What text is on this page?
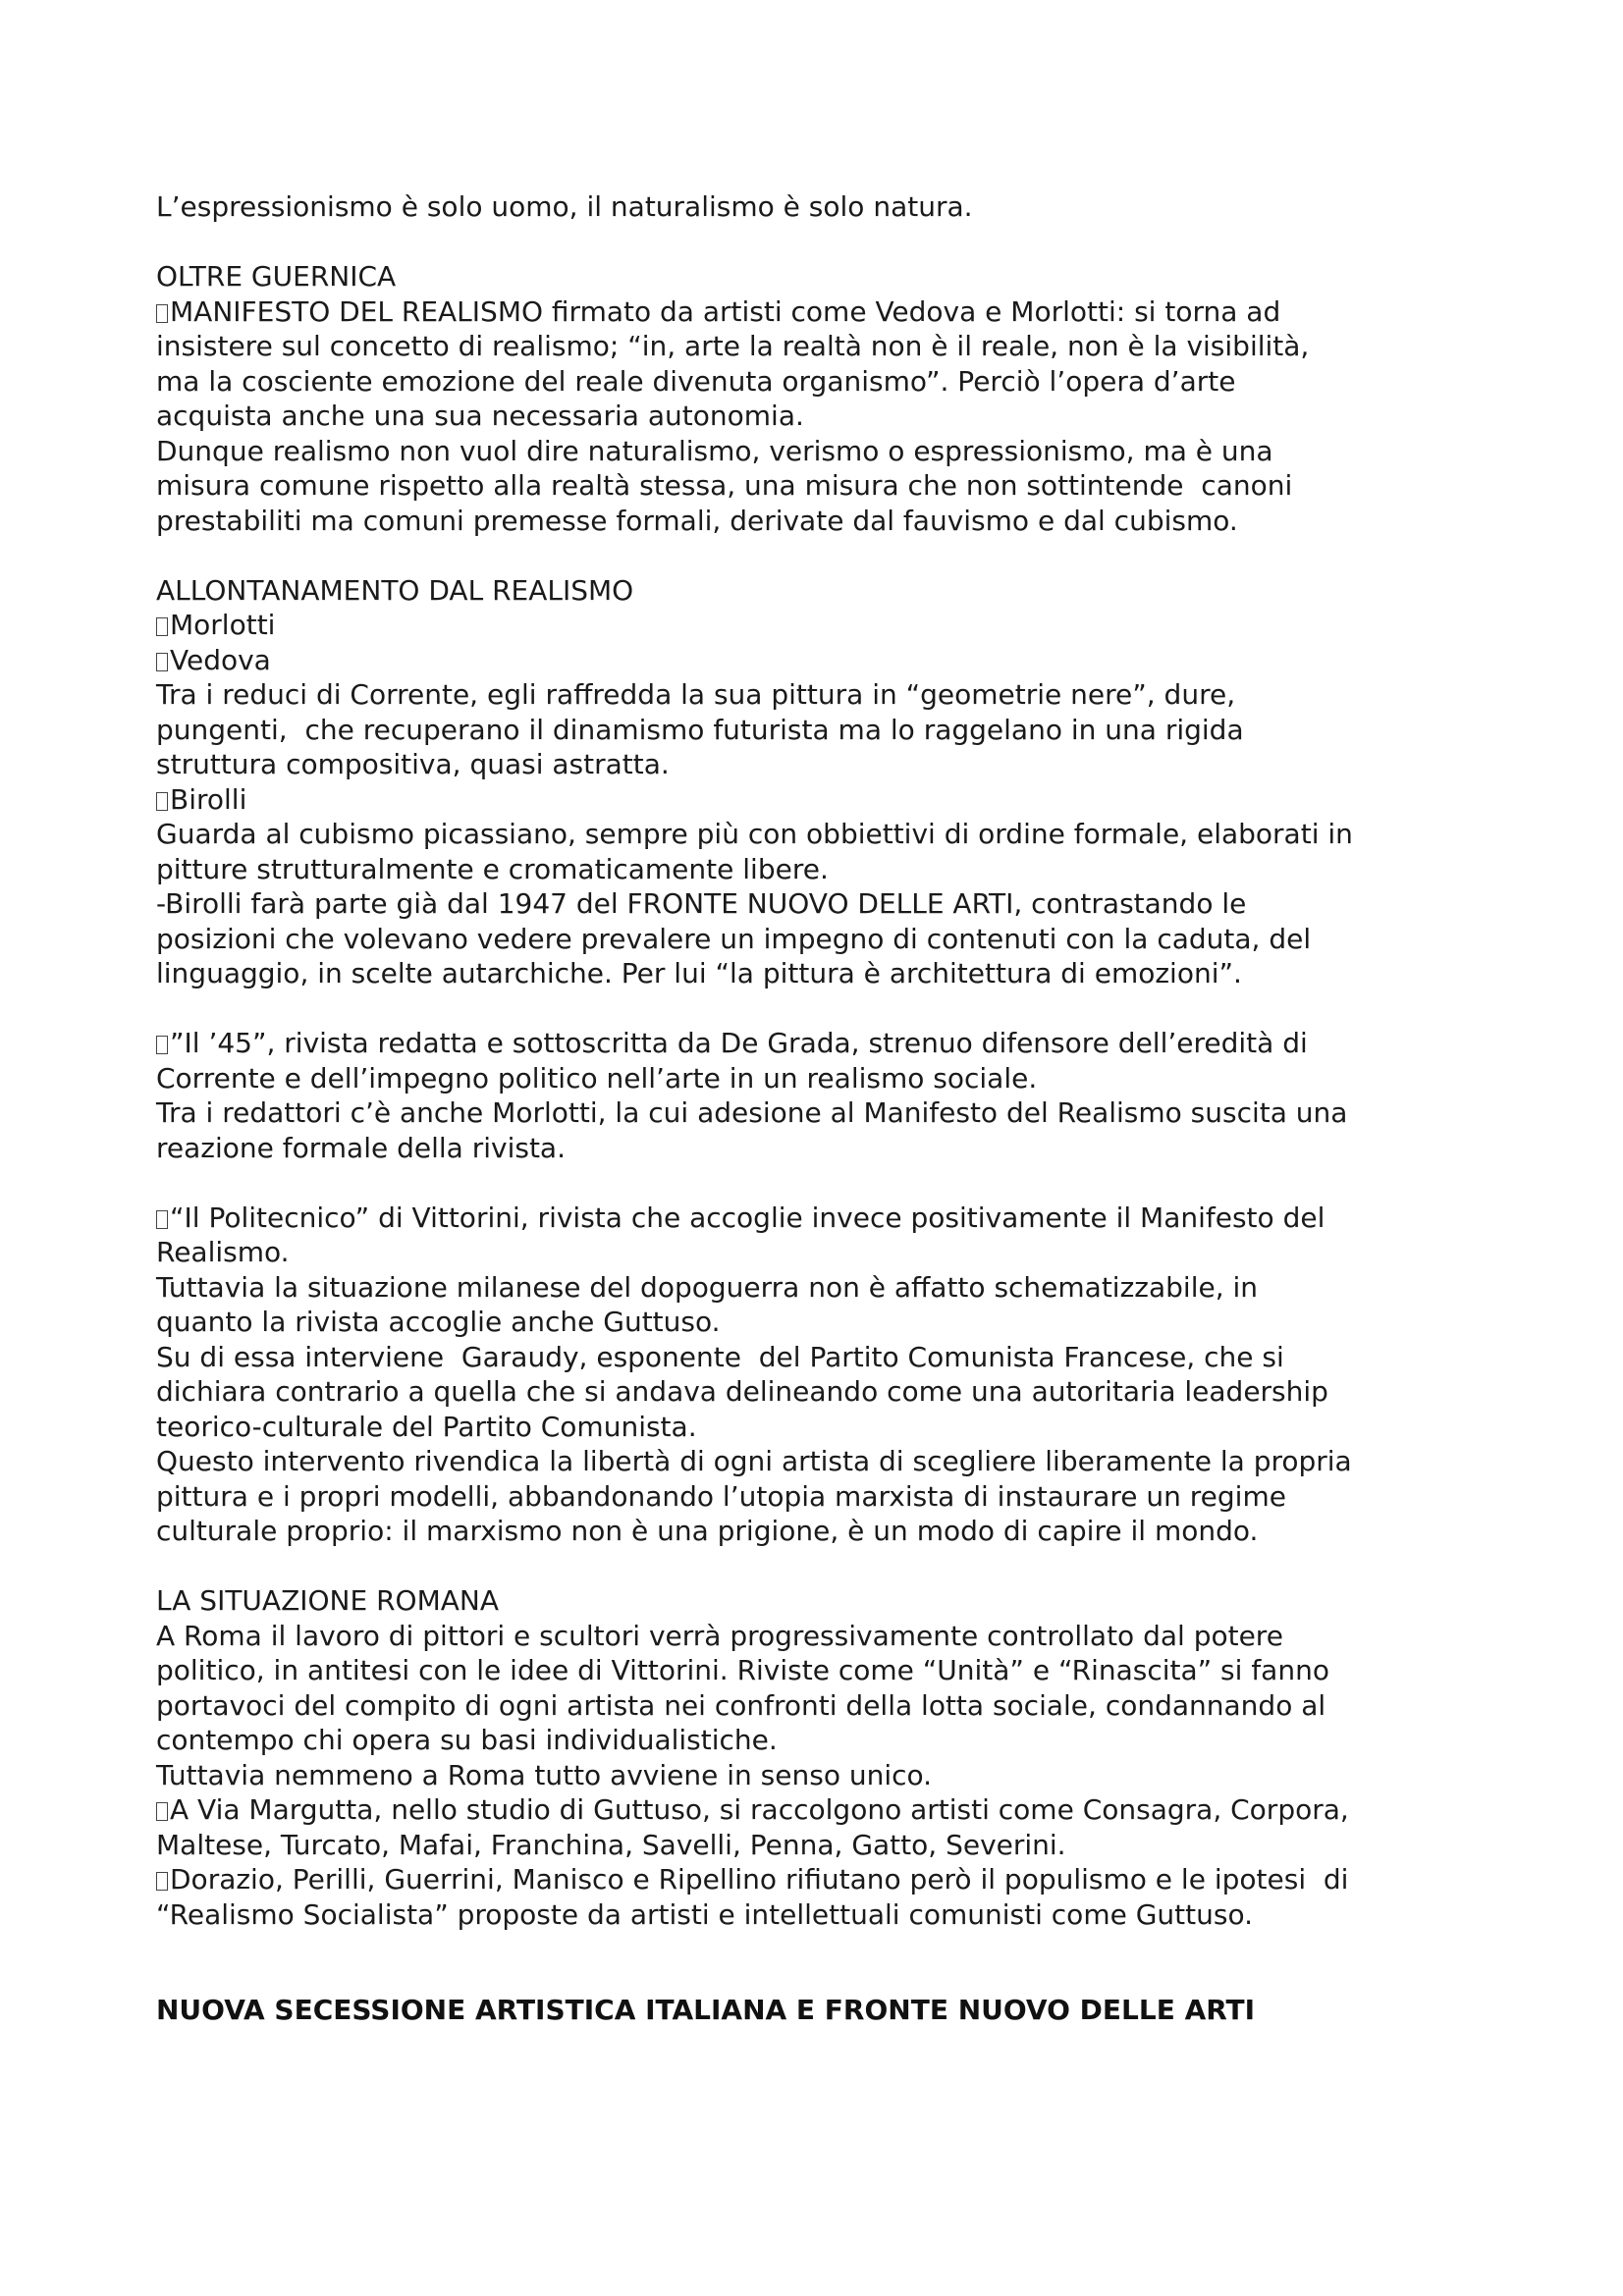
L’espressionismo è solo uomo, il naturalismo è solo natura.
OLTRE GUERNICA
MANIFESTO DEL REALISMO firmato da artisti come Vedova e Morlotti: si torna ad
insistere sul concetto di realismo; “in, arte la realtà non è il reale, non è la visibilità,
ma la cosciente emozione del reale divenuta organismo”. Perciò l’opera d’arte
acquista anche una sua necessaria autonomia.
Dunque realismo non vuol dire naturalismo, verismo o espressionismo, ma è una
misura comune rispetto alla realtà stessa, una misura che non sottintende  canoni
prestabiliti ma comuni premesse formali, derivate dal fauvismo e dal cubismo.
ALLONTANAMENTO DAL REALISMO
Morlotti
Vedova
Tra i reduci di Corrente, egli raffredda la sua pittura in “geometrie nere”, dure,
pungenti,  che recuperano il dinamismo futurista ma lo raggelano in una rigida
struttura compositiva, quasi astratta.
Birolli
Guarda al cubismo picassiano, sempre più con obbiettivi di ordine formale, elaborati in
pitture strutturalmente e cromaticamente libere.
-Birolli farà parte già dal 1947 del FRONTE NUOVO DELLE ARTI, contrastando le
posizioni che volevano vedere prevalere un impegno di contenuti con la caduta, del
linguaggio, in scelte autarchiche. Per lui “la pittura è architettura di emozioni”.
”Il ’45”, rivista redatta e sottoscritta da De Grada, strenuo difensore dell’eredità di
Corrente e dell’impegno politico nell’arte in un realismo sociale.
Tra i redattori c’è anche Morlotti, la cui adesione al Manifesto del Realismo suscita una
reazione formale della rivista.
“Il Politecnico” di Vittorini, rivista che accoglie invece positivamente il Manifesto del
Realismo.
Tuttavia la situazione milanese del dopoguerra non è affatto schematizzabile, in
quanto la rivista accoglie anche Guttuso.
Su di essa interviene  Garaudy, esponente  del Partito Comunista Francese, che si
dichiara contrario a quella che si andava delineando come una autoritaria leadership
teorico-culturale del Partito Comunista.
Questo intervento rivendica la libertà di ogni artista di scegliere liberamente la propria
pittura e i propri modelli, abbandonando l’utopia marxista di instaurare un regime
culturale proprio: il marxismo non è una prigione, è un modo di capire il mondo.
LA SITUAZIONE ROMANA
A Roma il lavoro di pittori e scultori verrà progressivamente controllato dal potere
politico, in antitesi con le idee di Vittorini. Riviste come “Unità” e “Rinascita” si fanno
portavoci del compito di ogni artista nei confronti della lotta sociale, condannando al
contempo chi opera su basi individualistiche.
Tuttavia nemmeno a Roma tutto avviene in senso unico.
A Via Margutta, nello studio di Guttuso, si raccolgono artisti come Consagra, Corpora,
Maltese, Turcato, Mafai, Franchina, Savelli, Penna, Gatto, Severini.
Dorazio, Perilli, Guerrini, Manisco e Ripellino rifiutano però il populismo e le ipotesi  di
“Realismo Socialista” proposte da artisti e intellettuali comunisti come Guttuso.
NUOVA SECESSIONE ARTISTICA ITALIANA E FRONTE NUOVO DELLE ARTI
